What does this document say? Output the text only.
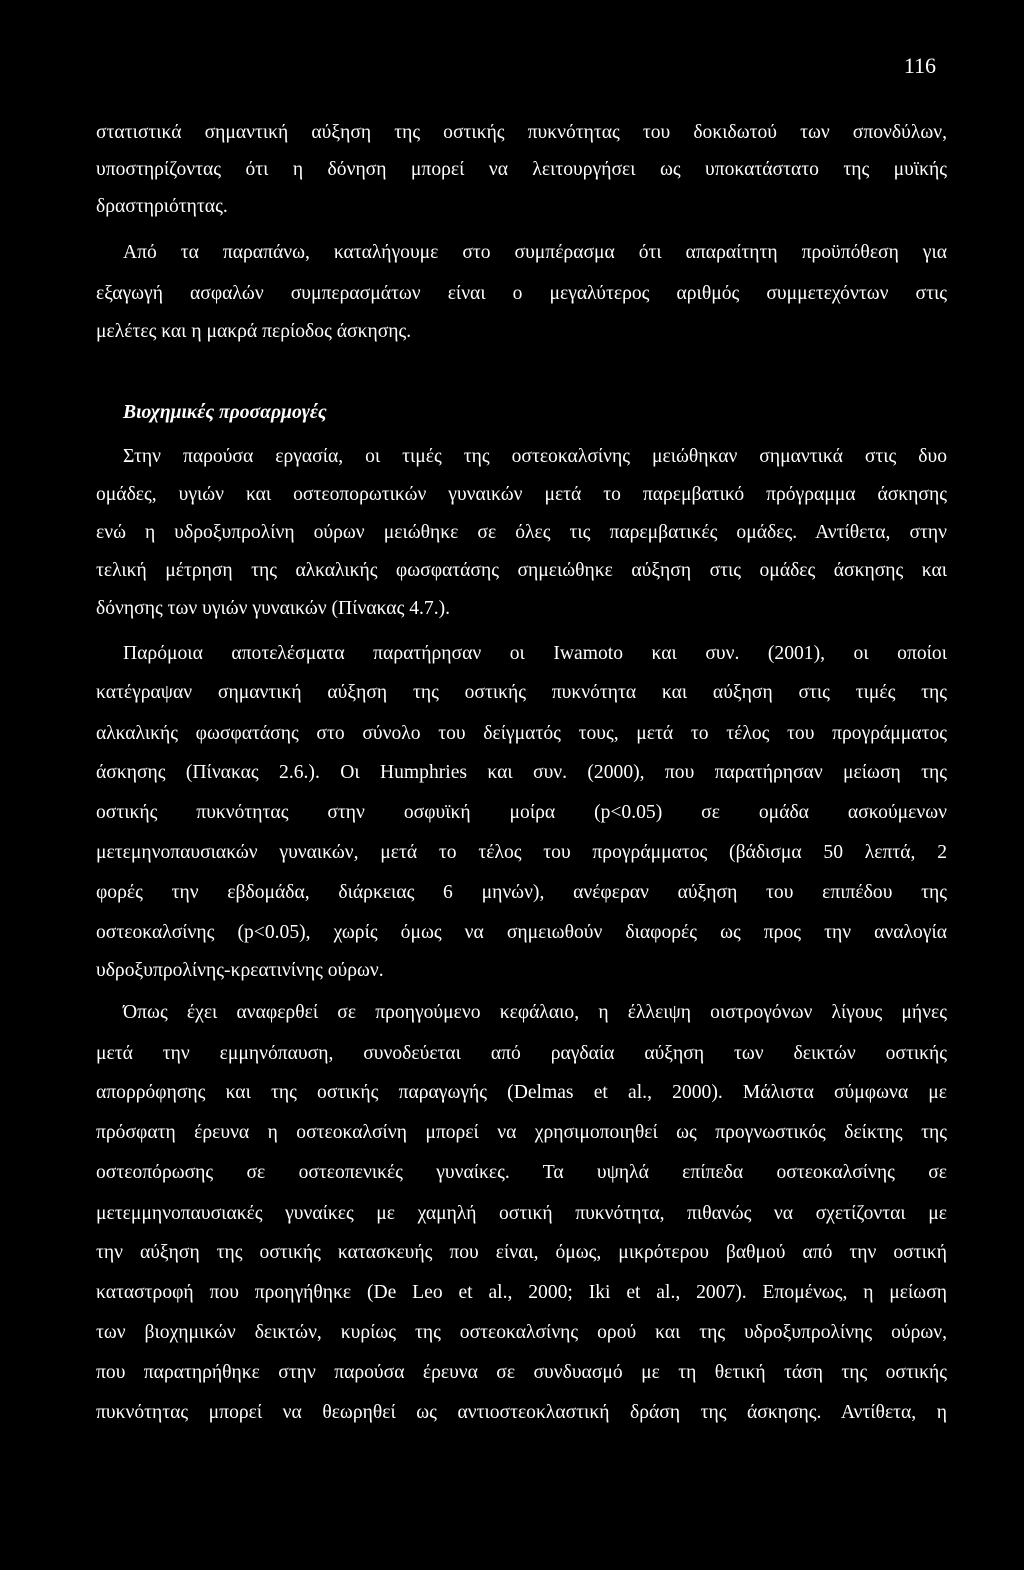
116
στατιστικά σημαντική αύξηση της οστικής πυκνότητας του δοκιδωτού των σπονδύλων,
υποστηρίζοντας ότι η δόνηση μπορεί να λειτουργήσει ως υποκατάστατο της μυϊκής
δραστηριότητας.
Από τα παραπάνω, καταλήγουμε στο συμπέρασμα ότι απαραίτητη προϋπόθεση για
εξαγωγή ασφαλών συμπερασμάτων είναι ο μεγαλύτερος αριθμός συμμετεχόντων στις
μελέτες και η μακρά περίοδος άσκησης.
Βιοχημικές προσαρμογές
Στην παρούσα εργασία, οι τιμές της οστεοκαλσίνης μειώθηκαν σημαντικά στις δυο
ομάδες, υγιών και οστεοπορωτικών γυναικών μετά το παρεμβατικό πρόγραμμα άσκησης
ενώ η υδροξυπρολίνη ούρων μειώθηκε σε όλες τις παρεμβατικές ομάδες. Αντίθετα, στην
τελική μέτρηση της αλκαλικής φωσφατάσης σημειώθηκε αύξηση στις ομάδες άσκησης και
δόνησης των υγιών γυναικών (Πίνακας 4.7.).
Παρόμοια αποτελέσματα παρατήρησαν οι Iwamoto και συν. (2001), οι οποίοι
κατέγραψαν σημαντική αύξηση της οστικής πυκνότητα και αύξηση στις τιμές της
αλκαλικής φωσφατάσης στο σύνολο του δείγματός τους, μετά το τέλος του προγράμματος
άσκησης (Πίνακας 2.6.). Οι Humphries και συν. (2000), που παρατήρησαν μείωση της
οστικής πυκνότητας στην οσφυϊκή μοίρα (p<0.05) σε ομάδα ασκούμενων
μετεμηνοπαυσιακών γυναικών, μετά το τέλος του προγράμματος (βάδισμα 50 λεπτά, 2
φορές την εβδομάδα, διάρκειας 6 μηνών), ανέφεραν αύξηση του επιπέδου της
οστεοκαλσίνης (p<0.05), χωρίς όμως να σημειωθούν διαφορές ως προς την αναλογία
υδροξυπρολίνης-κρεατινίνης ούρων.
Όπως έχει αναφερθεί σε προηγούμενο κεφάλαιο, η έλλειψη οιστρογόνων λίγους μήνες
μετά την εμμηνόπαυση, συνοδεύεται από ραγδαία αύξηση των δεικτών οστικής
απορρόφησης και της οστικής παραγωγής (Delmas et al., 2000). Μάλιστα σύμφωνα με
πρόσφατη έρευνα η οστεοκαλσίνη μπορεί να χρησιμοποιηθεί ως προγνωστικός δείκτης της
οστεοπόρωσης σε οστεοπενικές γυναίκες. Τα υψηλά επίπεδα οστεοκαλσίνης σε
μετεμμηνοπαυσιακές γυναίκες με χαμηλή οστική πυκνότητα, πιθανώς να σχετίζονται με
την αύξηση της οστικής κατασκευής που είναι, όμως, μικρότερου βαθμού από την οστική
καταστροφή που προηγήθηκε (De Leo et al., 2000; Iki et al., 2007). Επομένως, η μείωση
των βιοχημικών δεικτών, κυρίως της οστεοκαλσίνης ορού και της υδροξυπρολίνης ούρων,
που παρατηρήθηκε στην παρούσα έρευνα σε συνδυασμό με τη θετική τάση της οστικής
πυκνότητας μπορεί να θεωρηθεί ως αντιοστεοκλαστική δράση της άσκησης. Αντίθετα, η
